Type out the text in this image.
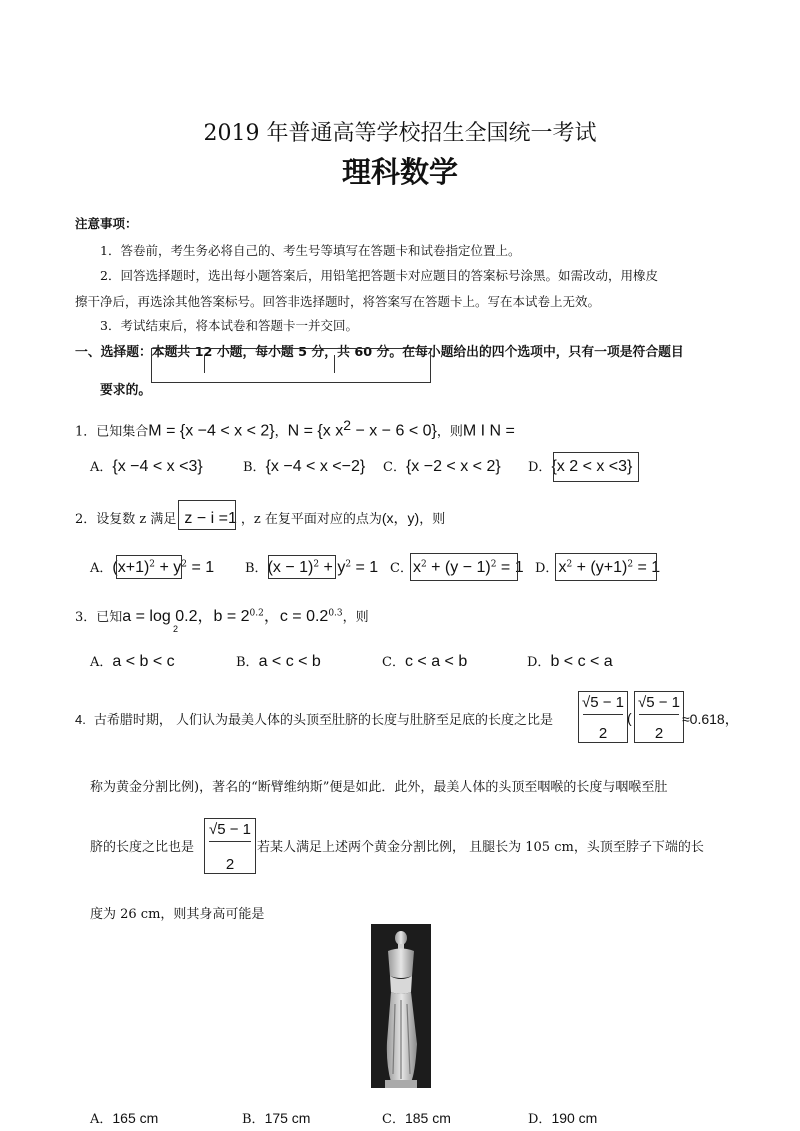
2019 年普通高等学校招生全国统一考试
理科数学
注意事项：
1．答卷前，考生务必将自己的、考生号等填写在答题卡和试卷指定位置上。
2．回答选择题时，选出每小题答案后，用铅笔把答题卡对应题目的答案标号涂黑。如需改动，用橡皮
擦干净后，再选涂其他答案标号。回答非选择题时，将答案写在答题卡上。写在本试卷上无效。
3．考试结束后，将本试卷和答题卡一并交回。
一、选择题：本题共 12 小题，每小题 5 分，共 60 分。在每小题给出的四个选项中，只有一项是符合题目
要求的。
1．已知集合M = {x −4 < x < 2}，N = {x $x^2 - x - 6 < 0$}，则M I N =
A．{x −4 < x <3}	B．{x −4 < x <−2} C．{x −2 < x < 2} D．{x 2 < x <3}
2．设复数 z 满足 z − i =1 ，z 在复平面对应的点为(x，y)，则
A．$(x+1)^2 + y^2 = 1$ B．$(x - 1)^2 + y^2 = 1$ C．$x^2 + (y - 1)^2 = 1$ D．$x^2 + (y+1)^2 = 1$
3．已知a = log 0.2，$b = 2^{0.2}$，$c = 0.2^{0.3}$，则
2
A．a < b < c	B．a < c < b	C．c < a < b	D．b < c < a
4. 古希腊时期， 人们认为最美人体的头顶至肚脐的长度与肚脐至足底的长度之比是
√5 − 1
2
(
√5 − 1
2
≈0.618，
称为黄金分割比例)，著名的“断臂维纳斯”便是如此．此外，最美人体的头顶至咽喉的长度与咽喉至肚
脐的长度之比也是
√5 − 1
2
若某人满足上述两个黄金分割比例， 且腿长为 105 cm，头顶至脖子下端的长
度为 26 cm，则其身高可能是
A．165 cm	B．175 cm	C．185 cm	D．190 cm
